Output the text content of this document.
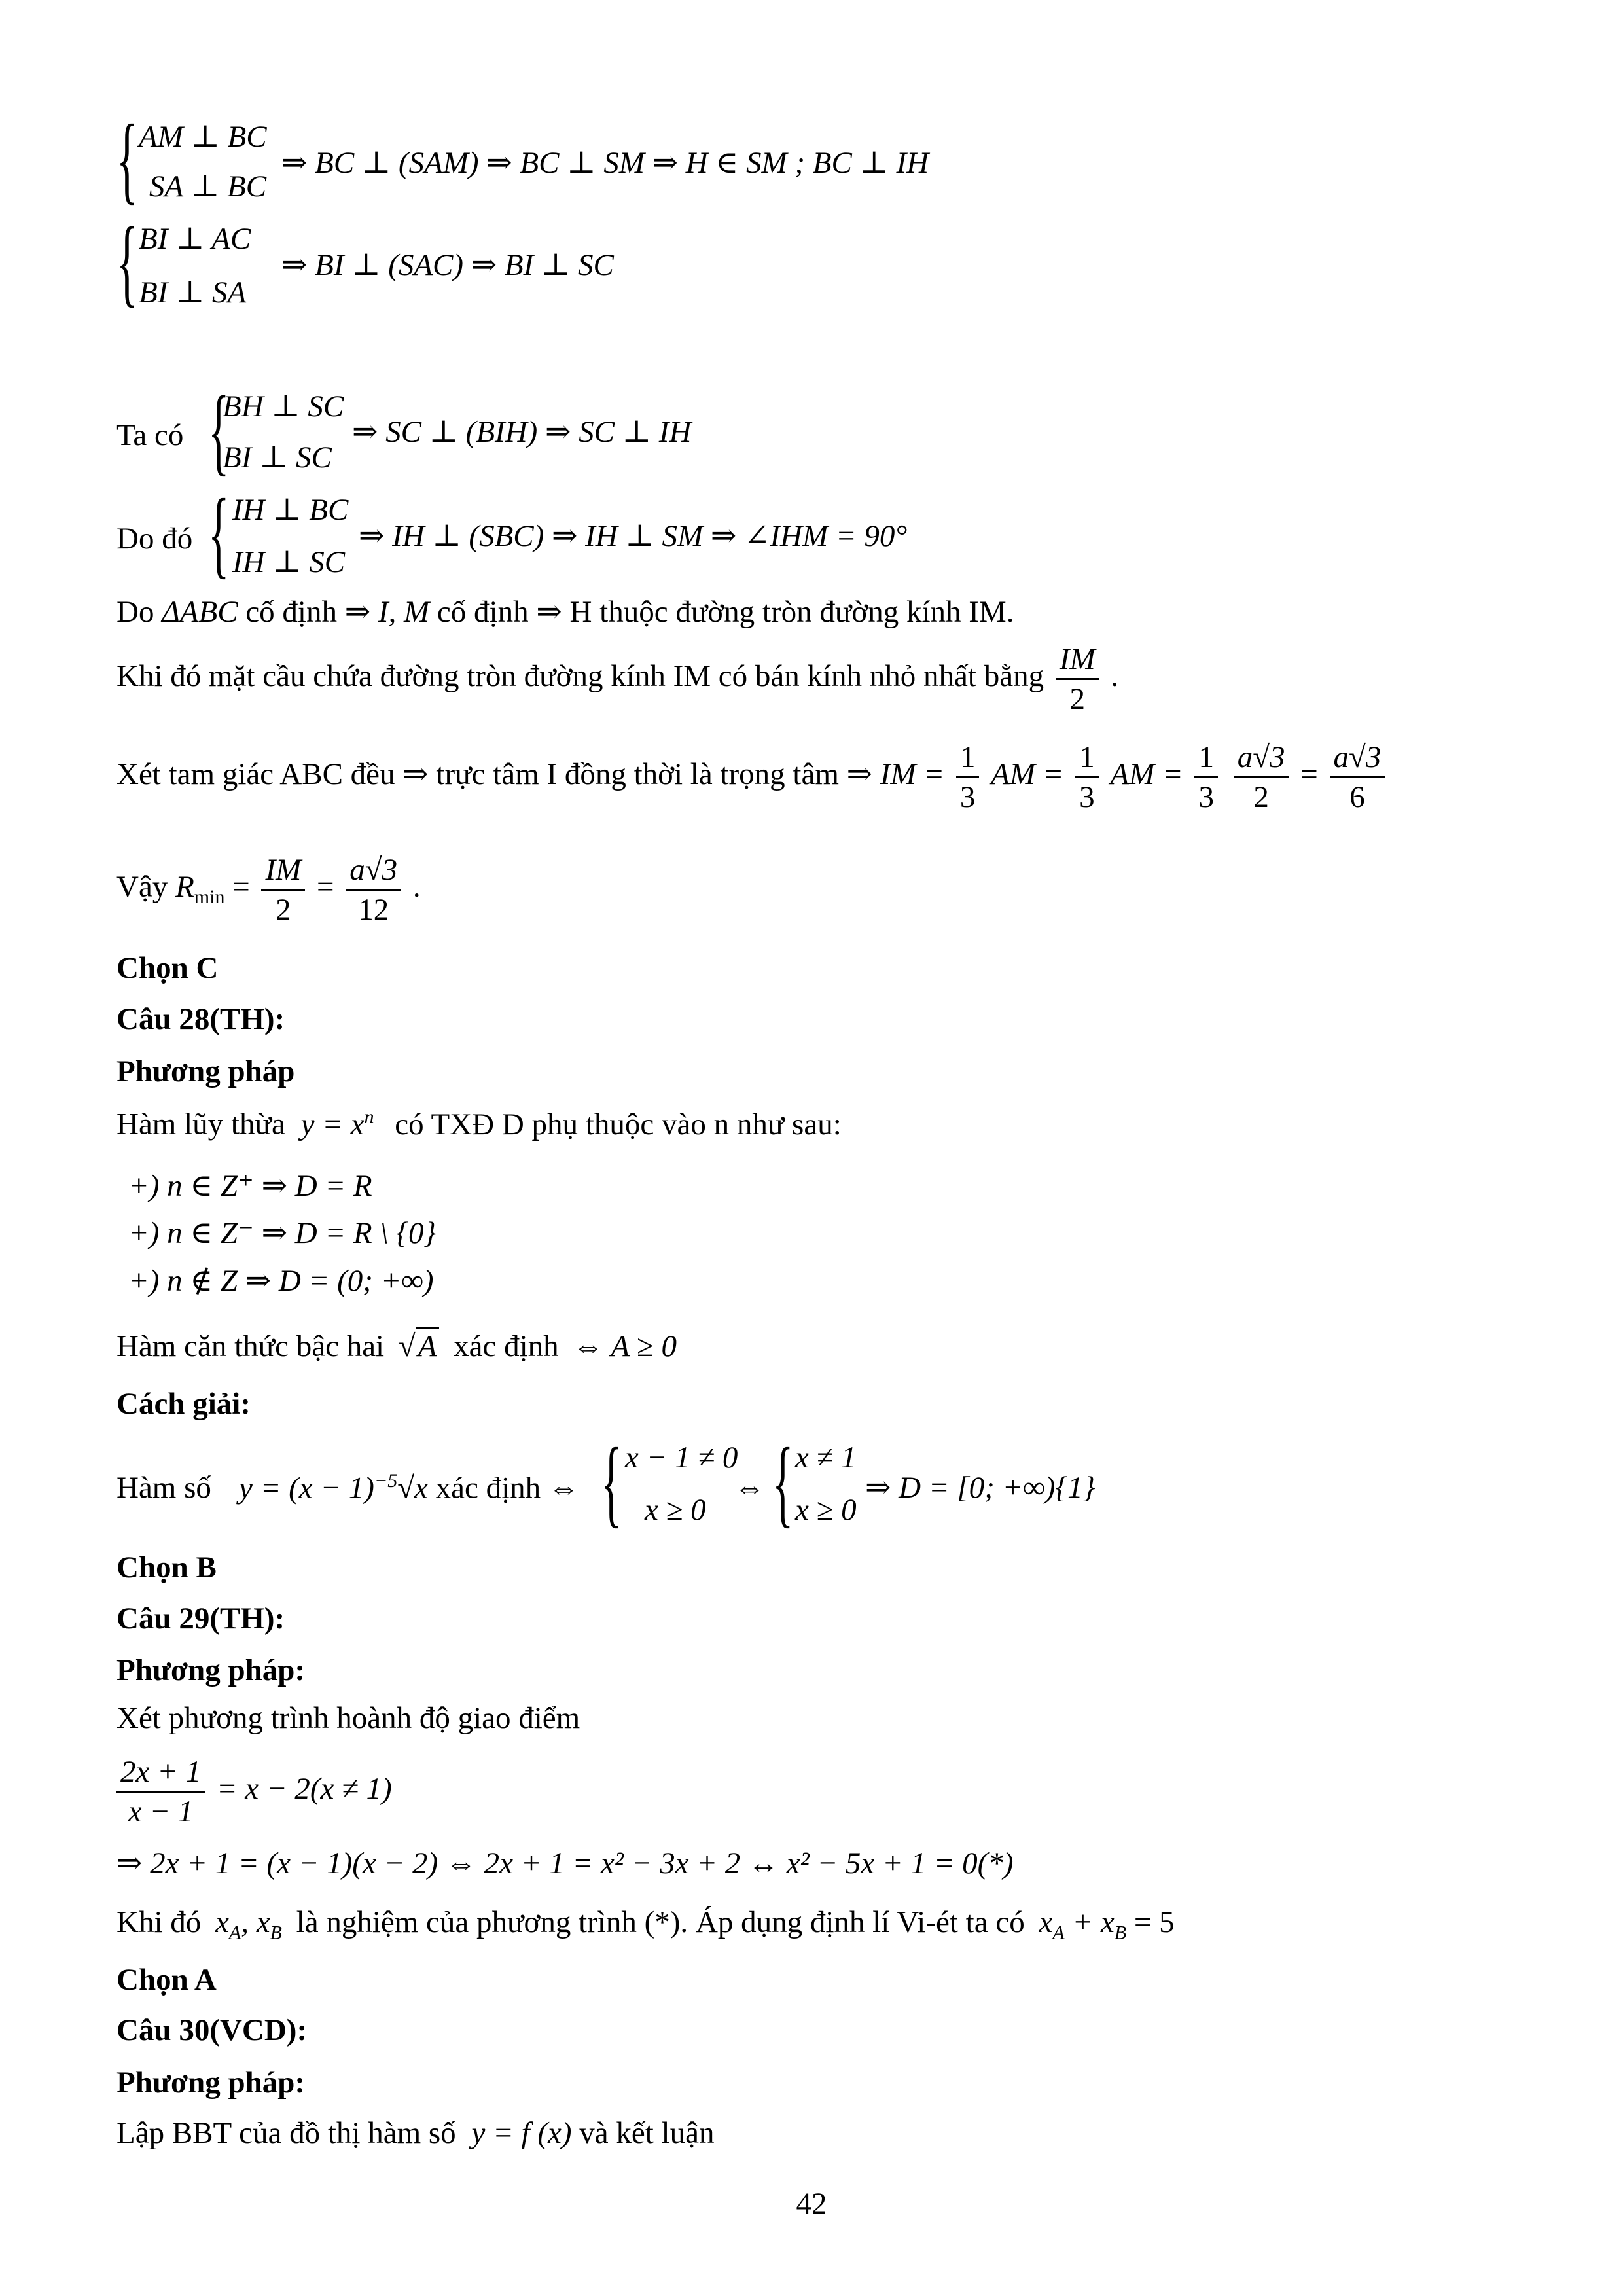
{ AM ⊥ BC
SA ⊥ BC
⇒ BC ⊥ (SAM) ⇒ BC ⊥ SM ⇒ H ∈ SM ; BC ⊥ IH
{ BI ⊥ AC
BI ⊥ SA
⇒ BI ⊥ (SAC) ⇒ BI ⊥ SC
Ta có {
BH ⊥ SC
BI ⊥ SC
⇒ SC ⊥ (BIH) ⇒ SC ⊥ IH
Do đó { IH ⊥ BC
IH ⊥ SC
⇒ IH ⊥ (SBC) ⇒ IH ⊥ SM ⇒ ∠IHM = 90°
Do ΔABC cố định ⇒ I, M cố định ⇒ H thuộc đường tròn đường kính IM.
Khi đó mặt cầu chứa đường tròn đường kính IM có bán kính nhỏ nhất bằng $\frac{IM}{2}$ .
Xét tam giác ABC đều ⇒ trực tâm I đồng thời là trọng tâm ⇒ IM = $\frac{1}{3}$ AM = $\frac{1}{3}$ AM = $\frac{1}{3}$
$\frac{a√3}{2} = \frac{a√3}{6}$
Vậy $R_{min} = \frac{IM}{2} = \frac{a√3}{12}$ .
Chọn C
Câu 28(TH):
Phương pháp
Hàm lũy thừa $y = x^n$ có TXĐ D phụ thuộc vào n như sau:
+) n ∈ Z⁺ ⇒ D = R
+) n ∈ Z⁻ ⇒ D = R \ {0}
+) n ∉ Z ⇒ D = (0; +∞)
Hàm căn thức bậc hai √A xác định ⇔ A ≥ 0
Cách giải:
Hàm số $y = (x - 1)^{-5}√x$ xác định ⇔ { x − 1 ≠ 0
x ≥ 0
⇔ { x ≠ 1
x ≥ 0
⇒ D = [0; +∞){1}
Chọn B
Câu 29(TH):
Phương pháp:
Xét phương trình hoành độ giao điểm
$\frac{2x + 1}{x - 1} = x - 2(x \ne 1)$
⇒ 2x + 1 = (x − 1)(x − 2) ⇔ 2x + 1 = x² − 3x + 2 ↔ x² − 5x + 1 = 0(*)
Khi đó $x_A$, $x_B$ là nghiệm của phương trình (*). Áp dụng định lí Vi-ét ta có $x_A + x_B = 5$
Chọn A
Câu 30(VCD):
Phương pháp:
Lập BBT của đồ thị hàm số y = f (x) và kết luận
42
